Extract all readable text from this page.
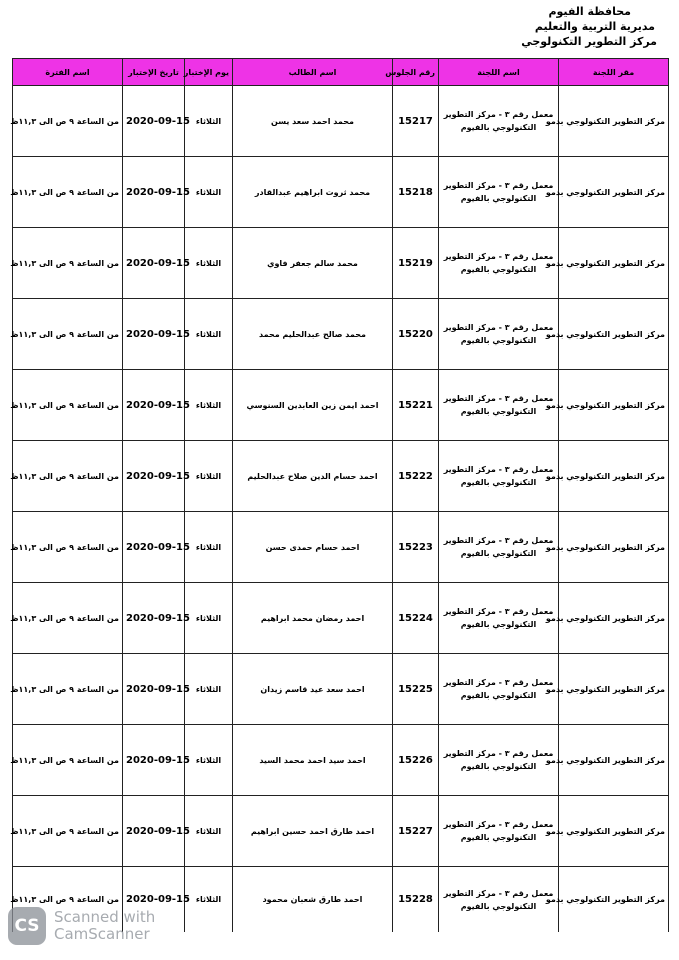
محافظة الفيوم
مديرية التربية والتعليم
مركز التطوير التكنولوجي
مقر اللجنة	اسم اللجنة	رقم الجلوس	اسم الطالب	يوم الإختبار	تاريخ الإختبار	اسم الفترة
مركز التطوير التكنولوجي بدمو	معمل رقم ٣ - مركز التطوير التكنولوجي بالفيوم	15217	محمد احمد سعد يسن	الثلاثاء	2020-09-15	من الساعة ٩ ص الى ١١,٣ظ
مركز التطوير التكنولوجي بدمو	معمل رقم ٣ - مركز التطوير التكنولوجي بالفيوم	15218	محمد ثروت ابراهيم عبدالقادر	الثلاثاء	2020-09-15	من الساعة ٩ ص الى ١١,٣ظ
مركز التطوير التكنولوجي بدمو	معمل رقم ٣ - مركز التطوير التكنولوجي بالفيوم	15219	محمد سالم جعفر فاوي	الثلاثاء	2020-09-15	من الساعة ٩ ص الى ١١,٣ظ
مركز التطوير التكنولوجي بدمو	معمل رقم ٣ - مركز التطوير التكنولوجي بالفيوم	15220	محمد صالح عبدالحليم محمد	الثلاثاء	2020-09-15	من الساعة ٩ ص الى ١١,٣ظ
مركز التطوير التكنولوجي بدمو	معمل رقم ٣ - مركز التطوير التكنولوجي بالفيوم	15221	احمد ايمن زين العابدين السنوسي	الثلاثاء	2020-09-15	من الساعة ٩ ص الى ١١,٣ظ
مركز التطوير التكنولوجي بدمو	معمل رقم ٣ - مركز التطوير التكنولوجي بالفيوم	15222	احمد حسام الدين صلاح عبدالحليم	الثلاثاء	2020-09-15	من الساعة ٩ ص الى ١١,٣ظ
مركز التطوير التكنولوجي بدمو	معمل رقم ٣ - مركز التطوير التكنولوجي بالفيوم	15223	احمد حسام حمدى حسن	الثلاثاء	2020-09-15	من الساعة ٩ ص الى ١١,٣ظ
مركز التطوير التكنولوجي بدمو	معمل رقم ٣ - مركز التطوير التكنولوجي بالفيوم	15224	احمد رمضان محمد ابراهيم	الثلاثاء	2020-09-15	من الساعة ٩ ص الى ١١,٣ظ
مركز التطوير التكنولوجي بدمو	معمل رقم ٣ - مركز التطوير التكنولوجي بالفيوم	15225	احمد سعد عيد قاسم زيدان	الثلاثاء	2020-09-15	من الساعة ٩ ص الى ١١,٣ظ
مركز التطوير التكنولوجي بدمو	معمل رقم ٣ - مركز التطوير التكنولوجي بالفيوم	15226	احمد سيد احمد محمد السيد	الثلاثاء	2020-09-15	من الساعة ٩ ص الى ١١,٣ظ
مركز التطوير التكنولوجي بدمو	معمل رقم ٣ - مركز التطوير التكنولوجي بالفيوم	15227	احمد طارق احمد حسين ابراهيم	الثلاثاء	2020-09-15	من الساعة ٩ ص الى ١١,٣ظ
مركز التطوير التكنولوجي بدمو	معمل رقم ٣ - مركز التطوير التكنولوجي بالفيوم	15228	احمد طارق شعبان محمود	الثلاثاء	2020-09-15	من الساعة ٩ ص الى ١١,٣ظ
CS Scanned with
CamScanner
